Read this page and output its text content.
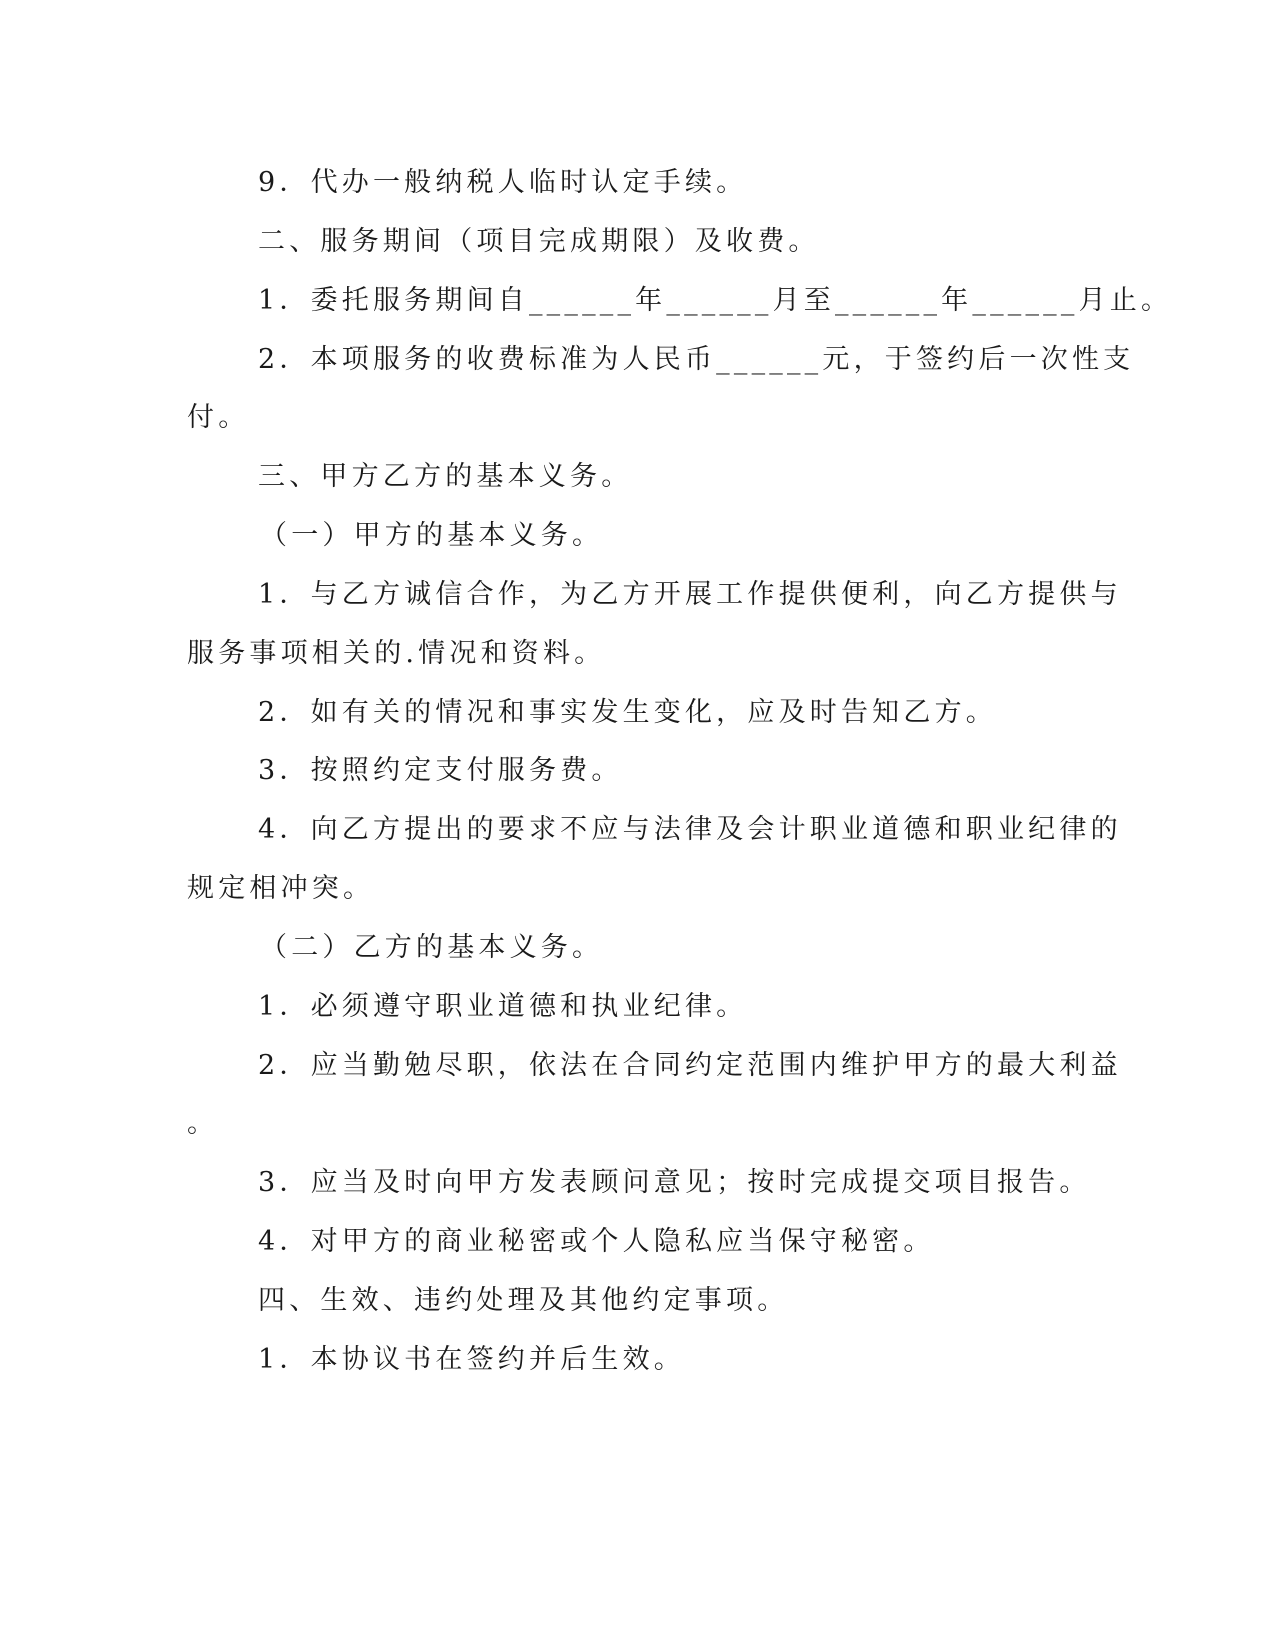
9．代办一般纳税人临时认定手续。
二、服务期间（项目完成期限）及收费。
1．委托服务期间自______年______月至______年______月止。
2．本项服务的收费标准为人民币______元，于签约后一次性支
付。
三、甲方乙方的基本义务。
（一）甲方的基本义务。
1．与乙方诚信合作，为乙方开展工作提供便利，向乙方提供与
服务事项相关的.情况和资料。
2．如有关的情况和事实发生变化，应及时告知乙方。
3．按照约定支付服务费。
4．向乙方提出的要求不应与法律及会计职业道德和职业纪律的
规定相冲突。
（二）乙方的基本义务。
1．必须遵守职业道德和执业纪律。
2．应当勤勉尽职，依法在合同约定范围内维护甲方的最大利益
。
3．应当及时向甲方发表顾问意见；按时完成提交项目报告。
4．对甲方的商业秘密或个人隐私应当保守秘密。
四、生效、违约处理及其他约定事项。
1．本协议书在签约并后生效。
